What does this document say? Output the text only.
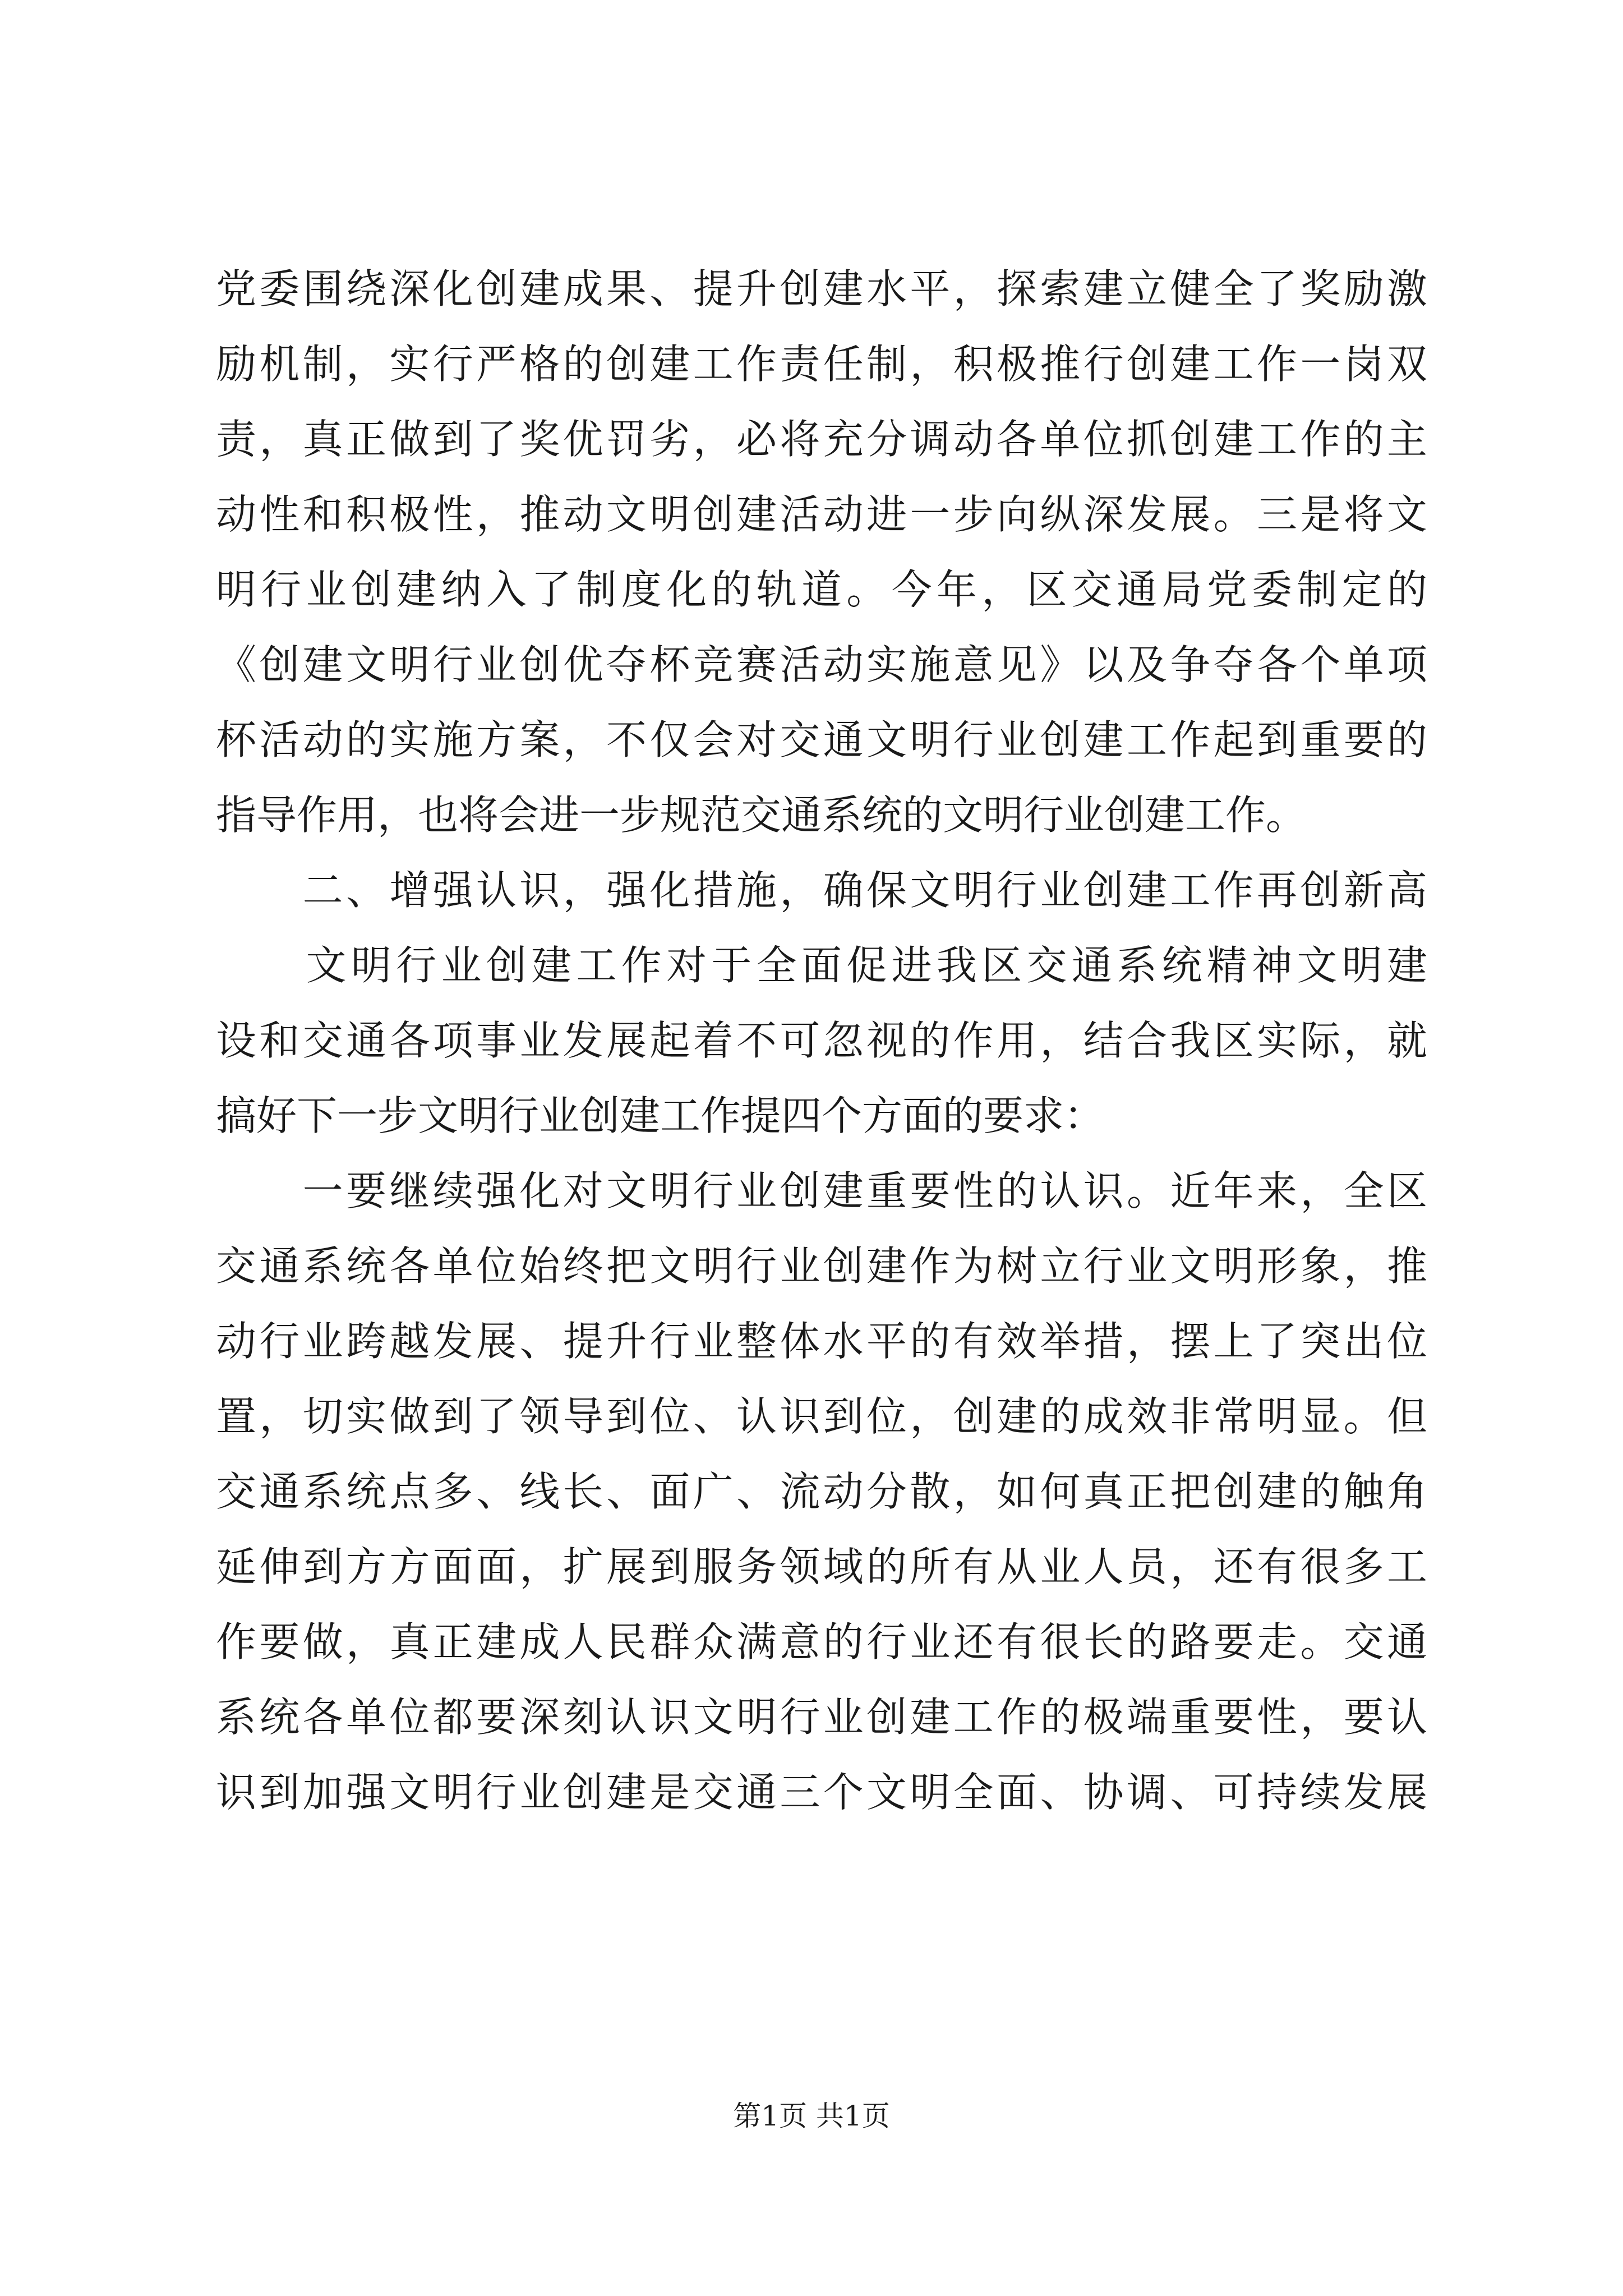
党委围绕深化创建成果、提升创建水平，探索建立健全了奖励激
励机制，实行严格的创建工作责任制，积极推行创建工作一岗双
责，真正做到了奖优罚劣，必将充分调动各单位抓创建工作的主
动性和积极性，推动文明创建活动进一步向纵深发展。三是将文
明行业创建纳入了制度化的轨道。今年，区交通局党委制定的
《创建文明行业创优夺杯竞赛活动实施意见》以及争夺各个单项
杯活动的实施方案，不仅会对交通文明行业创建工作起到重要的
指导作用，也将会进一步规范交通系统的文明行业创建工作。
　　二、增强认识，强化措施，确保文明行业创建工作再创新高
　　文明行业创建工作对于全面促进我区交通系统精神文明建
设和交通各项事业发展起着不可忽视的作用，结合我区实际，就
搞好下一步文明行业创建工作提四个方面的要求：
　　一要继续强化对文明行业创建重要性的认识。近年来，全区
交通系统各单位始终把文明行业创建作为树立行业文明形象，推
动行业跨越发展、提升行业整体水平的有效举措，摆上了突出位
置，切实做到了领导到位、认识到位，创建的成效非常明显。但
交通系统点多、线长、面广、流动分散，如何真正把创建的触角
延伸到方方面面，扩展到服务领域的所有从业人员，还有很多工
作要做，真正建成人民群众满意的行业还有很长的路要走。交通
系统各单位都要深刻认识文明行业创建工作的极端重要性，要认
识到加强文明行业创建是交通三个文明全面、协调、可持续发展
第1页 共1页
